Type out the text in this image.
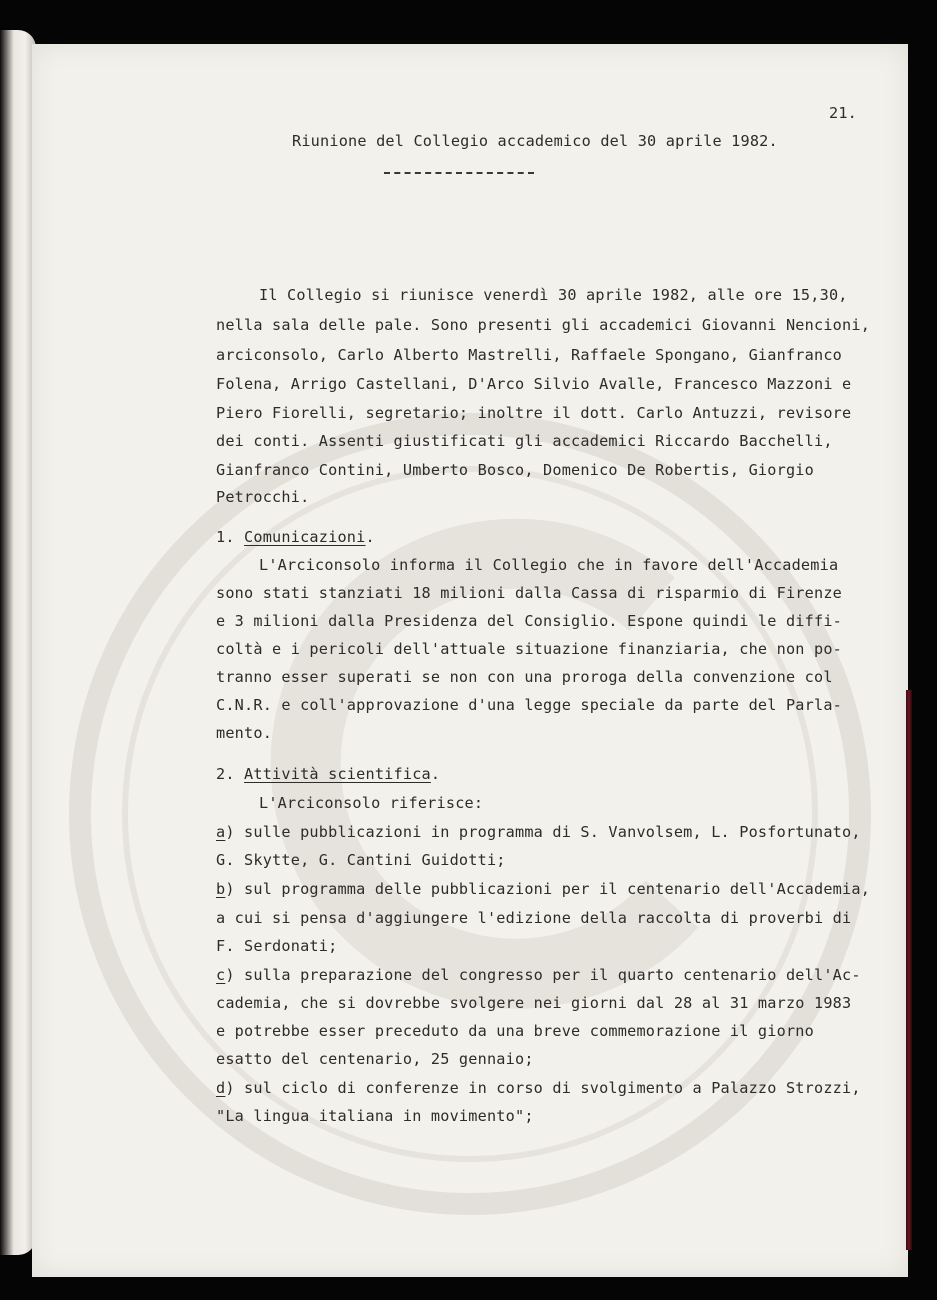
21.

Riunione del Collegio accademico del 30 aprile 1982.

Il Collegio si riunisce venerdì 30 aprile 1982, alle ore 15,30,

nella sala delle pale. Sono presenti gli accademici Giovanni Nencioni,

arciconsolo, Carlo Alberto Mastrelli, Raffaele Spongano, Gianfranco

Folena, Arrigo Castellani, D'Arco Silvio Avalle, Francesco Mazzoni e

Piero Fiorelli, segretario; inoltre il dott. Carlo Antuzzi, revisore

dei conti. Assenti giustificati gli accademici Riccardo Bacchelli,

Gianfranco Contini, Umberto Bosco, Domenico De Robertis, Giorgio

Petrocchi.

1. Comunicazioni.

L'Arciconsolo informa il Collegio che in favore dell'Accademia

sono stati stanziati 18 milioni dalla Cassa di risparmio di Firenze

e 3 milioni dalla Presidenza del Consiglio. Espone quindi le diffi-

coltà e i pericoli dell'attuale situazione finanziaria, che non po-

tranno esser superati se non con una proroga della convenzione col

C.N.R. e coll'approvazione d'una legge speciale da parte del Parla-

mento.

2. Attività scientifica.

L'Arciconsolo riferisce:

a) sulle pubblicazioni in programma di S. Vanvolsem, L. Posfortunato,

G. Skytte, G. Cantini Guidotti;

b) sul programma delle pubblicazioni per il centenario dell'Accademia,

a cui si pensa d'aggiungere l'edizione della raccolta di proverbi di

F. Serdonati;

c) sulla preparazione del congresso per il quarto centenario dell'Ac-

cademia, che si dovrebbe svolgere nei giorni dal 28 al 31 marzo 1983

e potrebbe esser preceduto da una breve commemorazione il giorno

esatto del centenario, 25 gennaio;

d) sul ciclo di conferenze in corso di svolgimento a Palazzo Strozzi,

"La lingua italiana in movimento";
